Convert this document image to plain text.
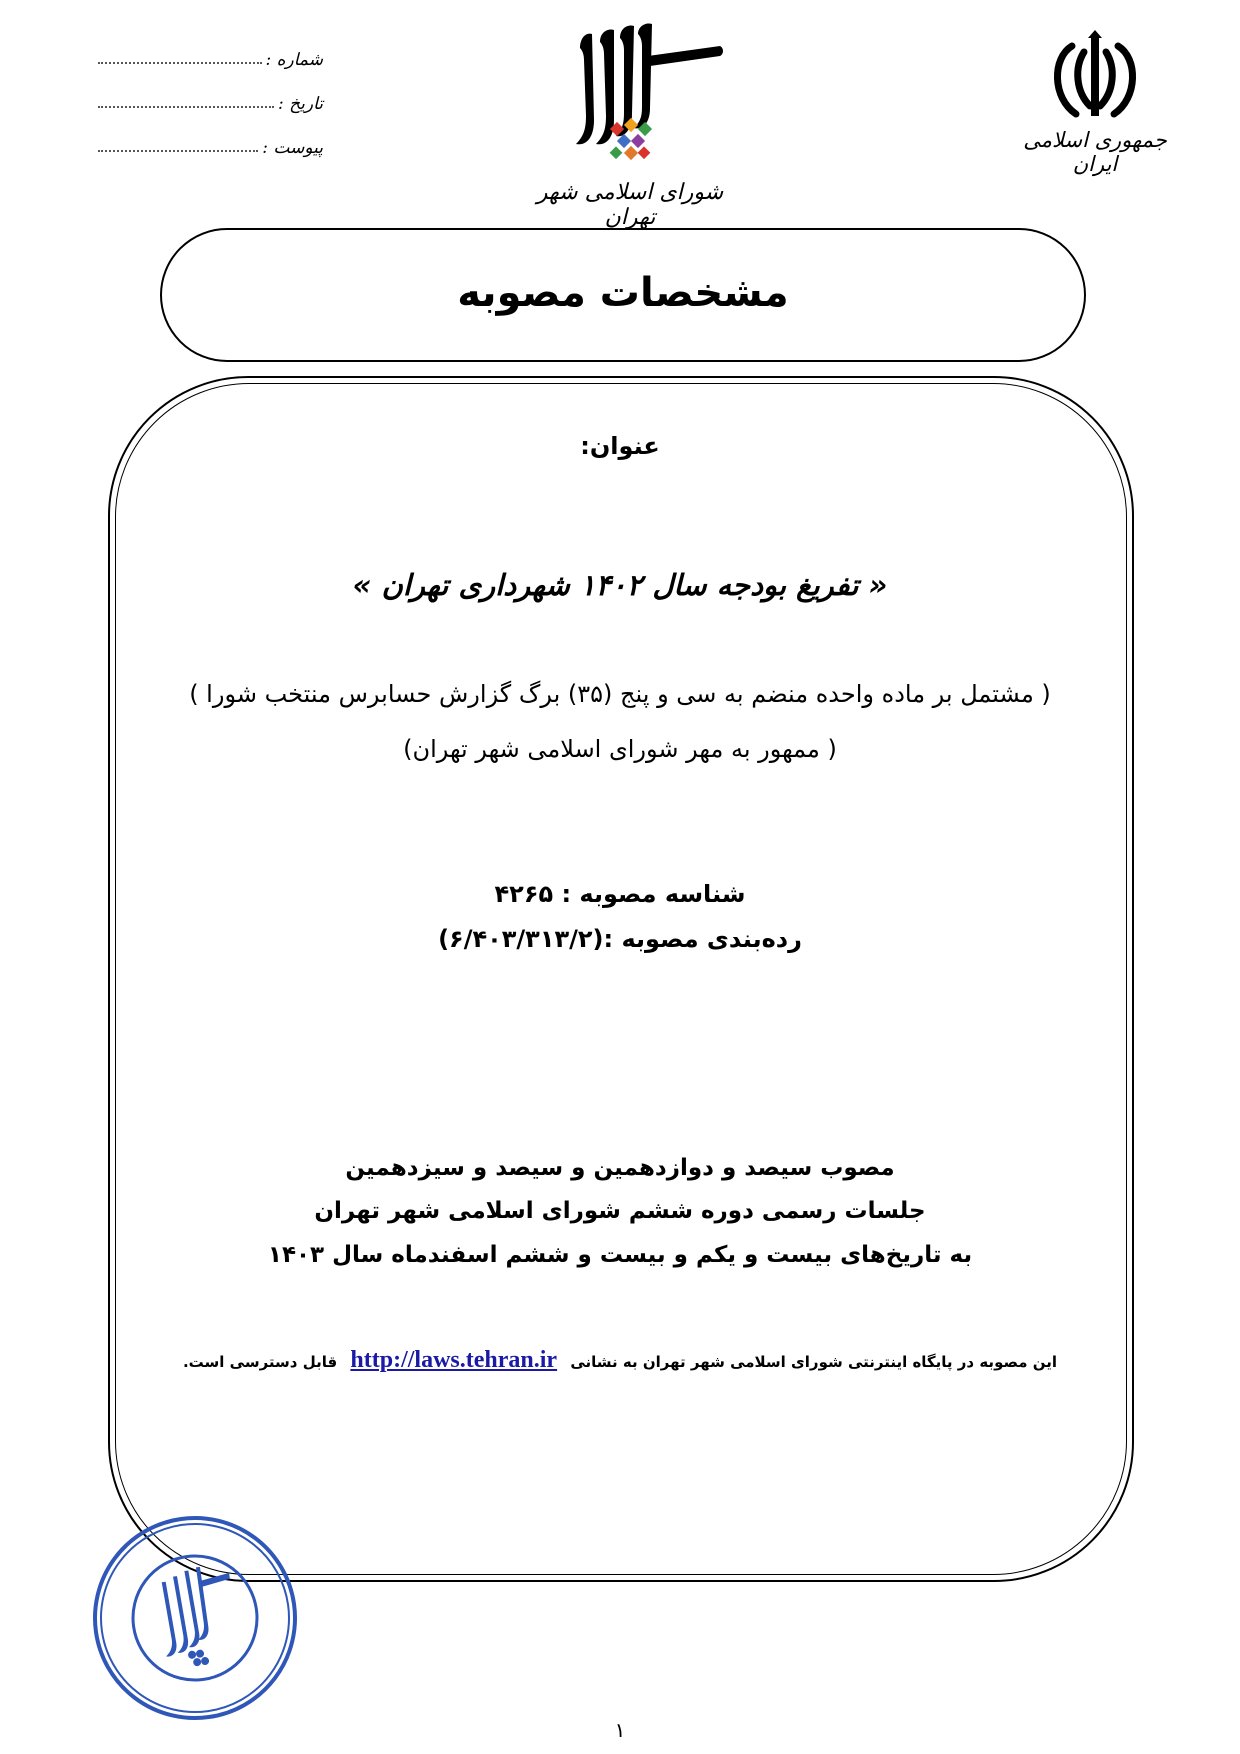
شماره :
تاریخ :
پیوست :
شورای اسلامی شهر تهران
جمهوری اسلامی ایران
مشخصات مصوبه
عنوان:
« تفریغ بودجه سال ۱۴۰۲ شهرداری تهران »
( مشتمل بر ماده واحده منضم به سی و پنج (۳۵) برگ گزارش حسابرس منتخب شورا )
( ممهور به مهر شورای اسلامی شهر تهران)
شناسه مصوبه : ۴۲۶۵
رده‌بندی مصوبه :(۶/۴۰۳/۳۱۳/۲)
مصوب سیصد و دوازدهمین و سیصد و سیزدهمین
جلسات رسمی دوره ششم شورای اسلامی شهر تهران
به تاریخ‌های بیست و یکم و بیست و ششم اسفندماه سال ۱۴۰۳
این مصوبه در پایگاه اینترنتی شورای اسلامی شهر تهران به نشانی http://laws.tehran.ir قابل دسترسی است.
۱
